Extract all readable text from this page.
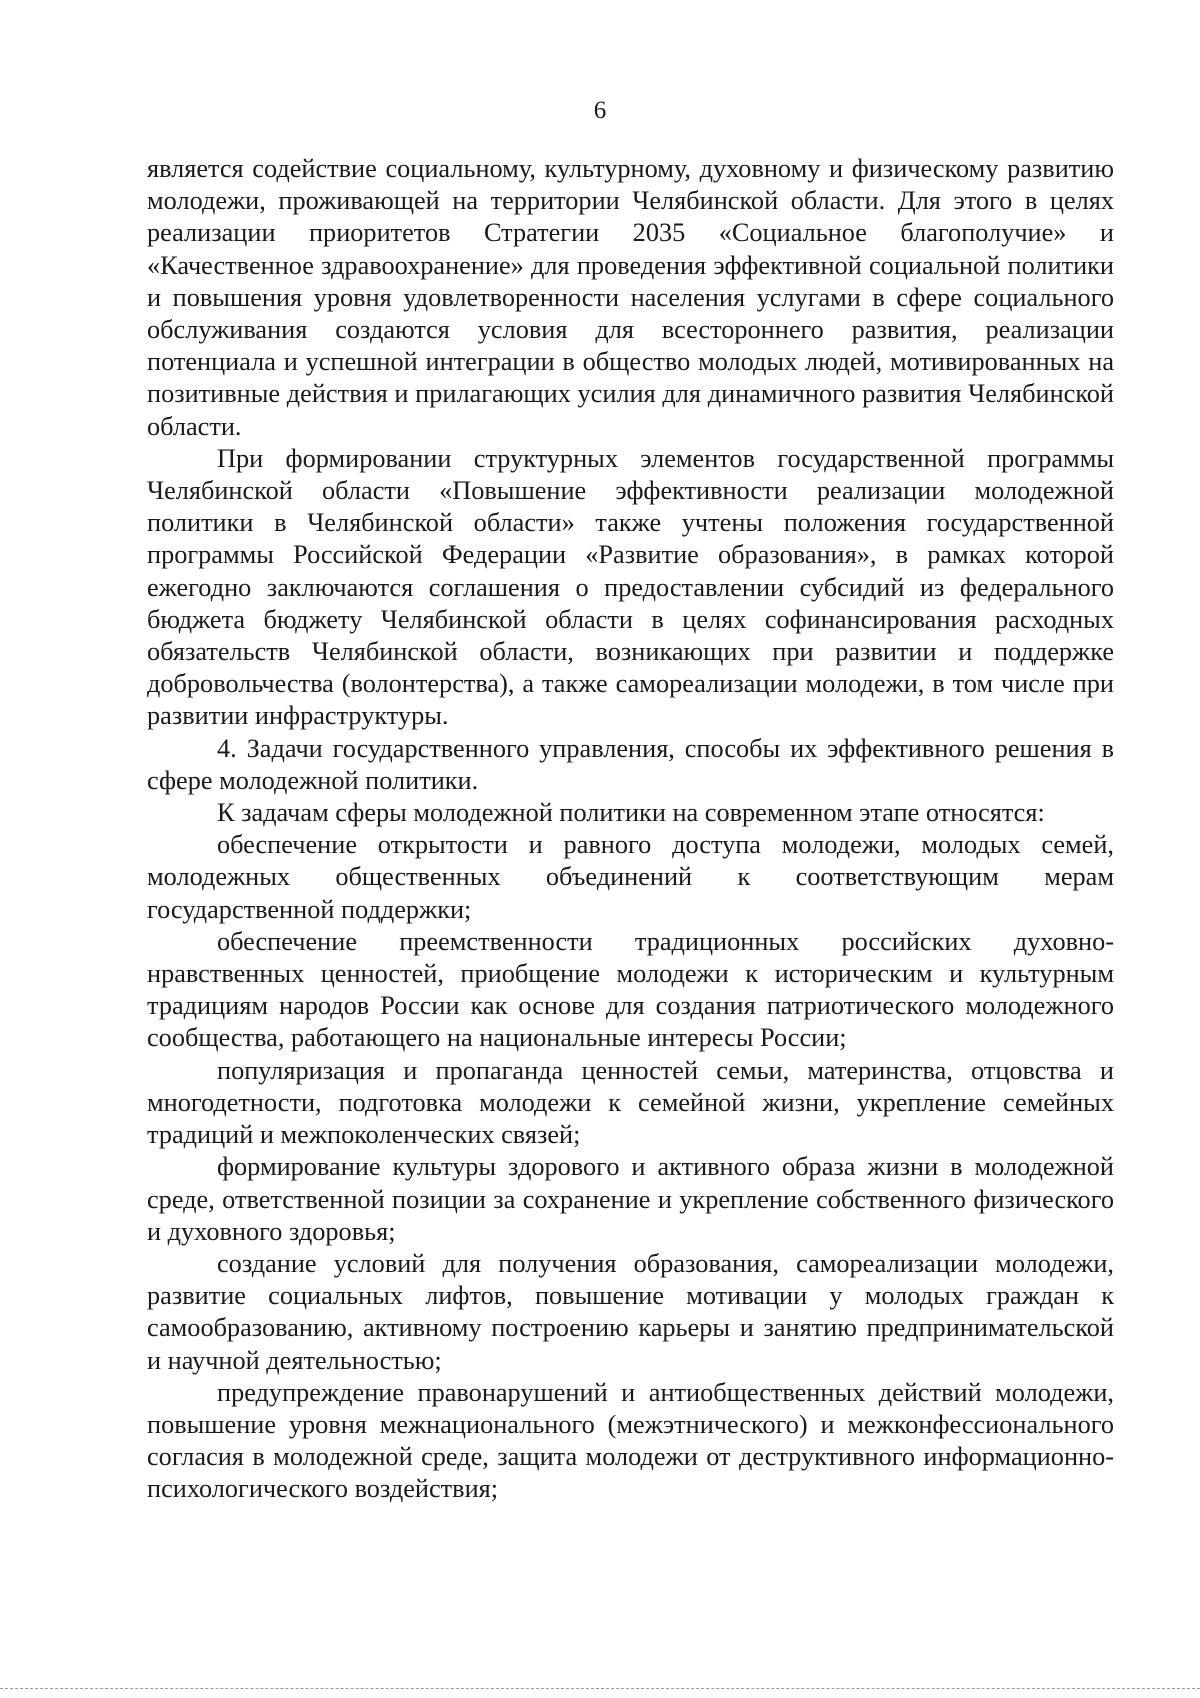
6

является содействие социальному, культурному, духовному и физическому развитию молодежи, проживающей на территории Челябинской области. Для этого в целях реализации приоритетов Стратегии 2035 «Социальное благополучие» и «Качественное здравоохранение» для проведения эффективной социальной политики и повышения уровня удовлетворенности населения услугами в сфере социального обслуживания создаются условия для всестороннего развития, реализации потенциала и успешной интеграции в общество молодых людей, мотивированных на позитивные действия и прилагающих усилия для динамичного развития Челябинской области.

При формировании структурных элементов государственной программы Челябинской области «Повышение эффективности реализации молодежной политики в Челябинской области» также учтены положения государственной программы Российской Федерации «Развитие образования», в рамках которой ежегодно заключаются соглашения о предоставлении субсидий из федерального бюджета бюджету Челябинской области в целях софинансирования расходных обязательств Челябинской области, возникающих при развитии и поддержке добровольчества (волонтерства), а также самореализации молодежи, в том числе при развитии инфраструктуры.

4. Задачи государственного управления, способы их эффективного решения в сфере молодежной политики.

К задачам сферы молодежной политики на современном этапе относятся:

обеспечение открытости и равного доступа молодежи, молодых семей, молодежных общественных объединений к соответствующим мерам государственной поддержки;

обеспечение преемственности традиционных российских духовно-нравственных ценностей, приобщение молодежи к историческим и культурным традициям народов России как основе для создания патриотического молодежного сообщества, работающего на национальные интересы России;

популяризация и пропаганда ценностей семьи, материнства, отцовства и многодетности, подготовка молодежи к семейной жизни, укрепление семейных традиций и межпоколенческих связей;

формирование культуры здорового и активного образа жизни в молодежной среде, ответственной позиции за сохранение и укрепление собственного физического и духовного здоровья;

создание условий для получения образования, самореализации молодежи, развитие социальных лифтов, повышение мотивации у молодых граждан к самообразованию, активному построению карьеры и занятию предпринимательской и научной деятельностью;

предупреждение правонарушений и антиобщественных действий молодежи, повышение уровня межнационального (межэтнического) и межконфессионального согласия в молодежной среде, защита молодежи от деструктивного информационно-психологического воздействия;
